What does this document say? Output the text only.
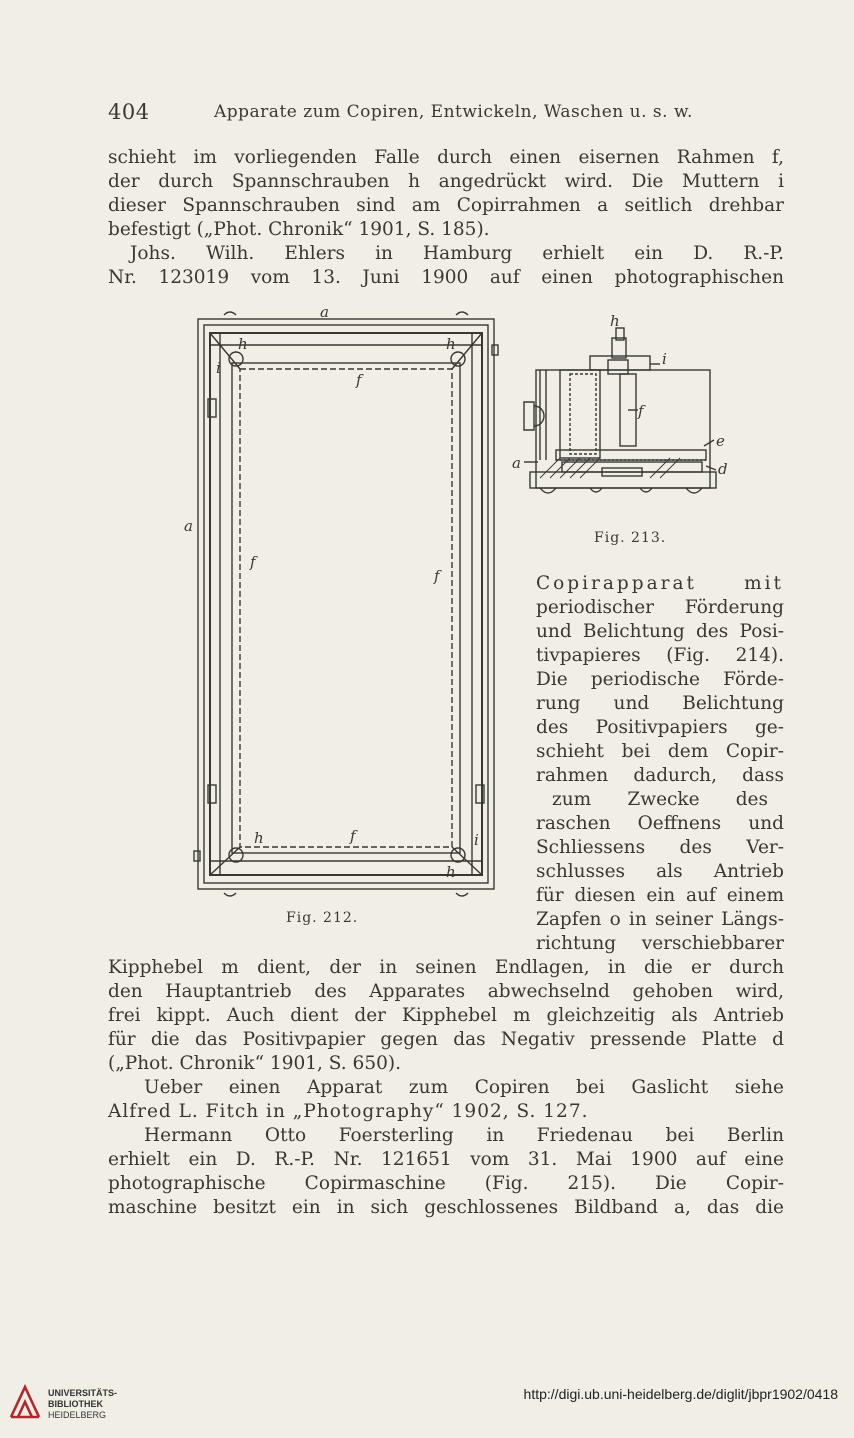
404	Apparate zum Copiren, Entwickeln, Waschen u. s. w.
schieht im vorliegenden Falle durch einen eisernen Rahmen f,
der durch Spannschrauben h angedrückt wird. Die Muttern i
dieser Spannschrauben sind am Copirrahmen a seitlich drehbar
befestigt („Phot. Chronik“ 1901, S. 185).
Johs. Wilh. Ehlers in Hamburg erhielt ein D. R.-P.
Nr. 123019 vom 13. Juni 1900 auf einen photographischen
a
a
f
f
f
f
h	h
h
h
i
i
Fig. 212.
h
i
f
e
a	d
Fig. 213.
Copirapparat mit
periodischer Förderung
und Belichtung des Posi-
tivpapieres (Fig. 214).
Die periodische Förde-
rung und Belichtung
des Positivpapiers ge-
schieht bei dem Copir-
rahmen dadurch, dass
zum Zwecke des
raschen Oeffnens und
Schliessens des Ver-
schlusses als Antrieb
für diesen ein auf einem
Zapfen o in seiner Längs-
richtung verschiebbarer
Kipphebel m dient, der in seinen Endlagen, in die er durch
den Hauptantrieb des Apparates abwechselnd gehoben wird,
frei kippt. Auch dient der Kipphebel m gleichzeitig als Antrieb
für die das Positivpapier gegen das Negativ pressende Platte d
(„Phot. Chronik“ 1901, S. 650).
Ueber einen Apparat zum Copiren bei Gaslicht siehe
Alfred L. Fitch in „Photography“ 1902, S. 127.
Hermann Otto Foersterling in Friedenau bei Berlin
erhielt ein D. R.-P. Nr. 121651 vom 31. Mai 1900 auf eine
photographische Copirmaschine (Fig. 215). Die Copir-
maschine besitzt ein in sich geschlossenes Bildband a, das die
UNIVERSITÄTS-
BIBLIOTHEK
HEIDELBERG
http://digi.ub.uni-heidelberg.de/diglit/jbpr1902/0418
